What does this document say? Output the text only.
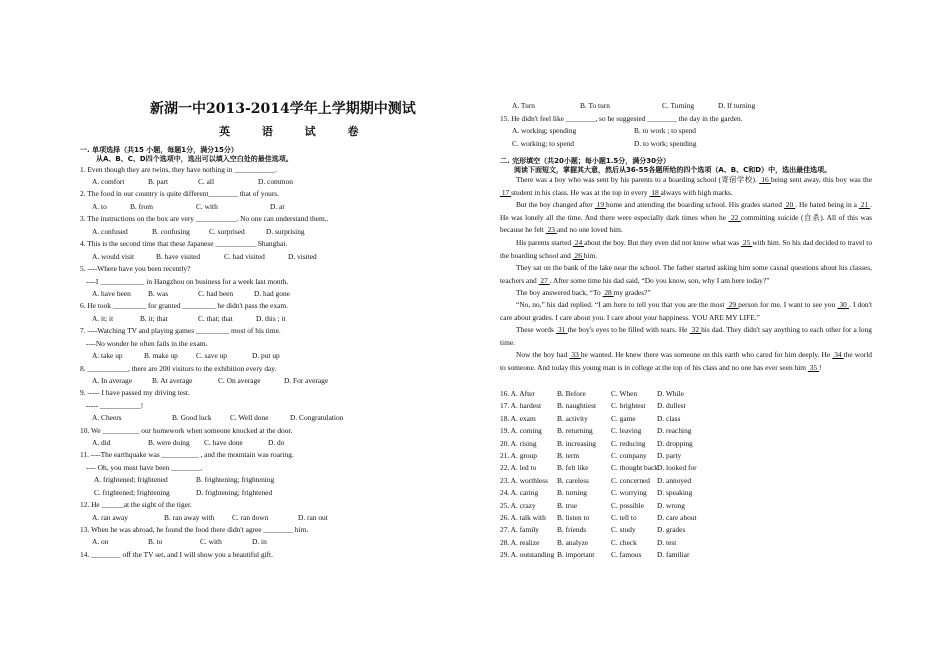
新湖一中2013-2014学年上学期期中测试
英 语 试 卷
一. 单项选择（共15 小题，每题1分，满分15分）
从A、B、C、D四个选项中，选出可以填入空白处的最佳选项。
1. Even though they are twins, they have nothing in ___________.
A. comfort	B. part	C. all	D. common
2. The food in our country is quite different________ that of yours.
A. to	B. from	C. with	D. at
3. The instructions on the box are very ___________. No one can understand them..
A. confused	B. confusing	C. surprised	D. surprising
4. This is the second time that these Japanese ___________ Shanghai.
A. would visit	B. have visited	C. had visited	D. visited
5. ----Where have you been recently?
----I ____________ in Hangzhou on business for a week last month.
A. have been B. was	C. had been	D. had gone
6. He took _________ for granted _________ he didn't pass the exam.
A. it; it	B. it; that	C. that; that	D. this ; it
7. ----Watching TV and playing games _________ most of his time.
----No wonder he often fails in the exam.
A. take up	B. make up C. save up	D. put up
8. ___________, there are 200 visitors to the exhibition every day.
A. In average	B. At average	C. On average	D. For average
9. ----- I have passed my driving test.
----- ___________!
A. Cheers	B. Good luck C. Well done	D. Congratulation
10. We __________ our homework when someone knocked at the door.
A. did	B. were doing C. have done	D. do
11. ----The earthquake was __________ , and the mountain was roaring.
---- Oh, you must have been ________.
A. frightened; frightened	B. frightening; frightening
C. frightened; frightening	D. frightening; frightened
12. He ______at the sight of the tiger.
A. ran away	B. ran away with C. ran down	D. ran out
13. When he was abroad, he found the food there didn't agree ________ him.
A. on	B. to	C. with	D. in
14. ________ off the TV set, and I will show you a beautiful gift.
A. Turn	B. To turn	C. Turning	D. If turning
15. He didn't feel like ________, so he suggested ________ the day in the garden.
A. working; spending	B. to work ; to spend
C. working; to spend	D. to work; spending
二. 完形填空（共20小题；每小题1.5分，满分30分）
阅读下面短文，掌握其大意，然后从36-55各题所给的四个选项（A、B、C和D）中，选出最佳选项。
There was a boy who was sent by his parents to a boarding school (寄宿学校).  16 being sent away, this boy was the  17 student in his class. He was at the top in every  18 always with high marks.
But the boy changed after  19 home and attending the boarding school. His grades started  20 . He hated being in a  21 . He was lonely all the time. And there were especially dark times when he  22 committing suicide (自杀). All of this was because he felt  23 and no one loved him.
His parents started  24 about the boy. But they even did not know what was  25 with him. So his dad decided to travel to the boarding school and  26 him.
They sat on the bank of the lake near the school. The father started asking him some casual questions about his classes, teachers and  27 . After some time his dad said, “Do you know, son, why I am here today?”
The boy answered back, “To  28 my grades?”
“No, no,” his dad replied. “I am here to tell you that you are the most  29 person for me. I want to see you  30 . I don't care about grades. I care about you. I care about your happiness. YOU ARE MY LIFE.”
These words  31 the boy's eyes to be filled with tears. He  32 his dad. They didn't say anything to each other for a long time.
Now the boy had  33 he wanted. He knew there was someone on this earth who cared for him deeply. He  34 the world to someone. And today this young man is in college at the top of his class and no one has ever seen him  35 !
16. A. After	B. Before	C. When	D. While
17. A. hardest B. naughtiest C. brightest D. dullest
18. A. exam	B. activity	C. game	D. class
19. A. coming B. returning C. leaving D. reaching
20. A. rising	B. increasing C. reducing D. dropping
21. A. group	B. term	C. company D. party
22. A. led to	B. felt like	C. thought backD. looked for
23. A. worthless B. careless	C. concerned D. annoyed
24. A. caring	B. turning	C. worrying D. speaking
25. A. crazy	B. true	C. possible D. wrong
26. A. talk with B. listen to	C. tell to	D. care about
27. A. family B. friends	C. study	D. grades
28. A. realize B. analyze	C. check	D. test
29. A. outstanding B. important C. famous D. familiar
